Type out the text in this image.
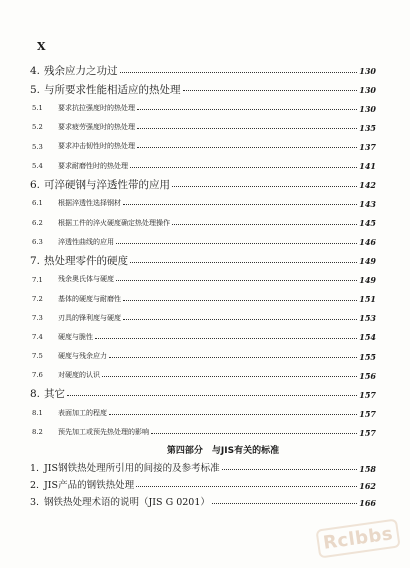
X
4. 残余应力之功过	130
5. 与所要求性能相适应的热处理	130
5.1	要求抗拉强度时的热处理	130
5.2	要求疲劳强度时的热处理	135
5.3	要求冲击韧性时的热处理	137
5.4	要求耐磨性时的热处理	141
6. 可淬硬钢与淬透性带的应用	142
6.1	根据淬透性选择钢材	143
6.2	根据工件的淬火硬度确定热处理操作	145
6.3	淬透性曲线的应用	146
7. 热处理零件的硬度	149
7.1	残余奥氏体与硬度	149
7.2	基体的硬度与耐磨性	151
7.3	刃具的锋利度与硬度	153
7.4	硬度与脆性	154
7.5	硬度与残余应力	155
7.6	对硬度的认识	156
8. 其它	157
8.1	表面加工的程度	157
8.2	预先加工或预先热处理的影响	157
第四部分　与JIS有关的标准
1. JIS钢铁热处理所引用的间接的及参考标准	158
2. JIS产品的钢铁热处理	162
3. 钢铁热处理术语的说明（JIS G 0201）	166
Rclbbs
